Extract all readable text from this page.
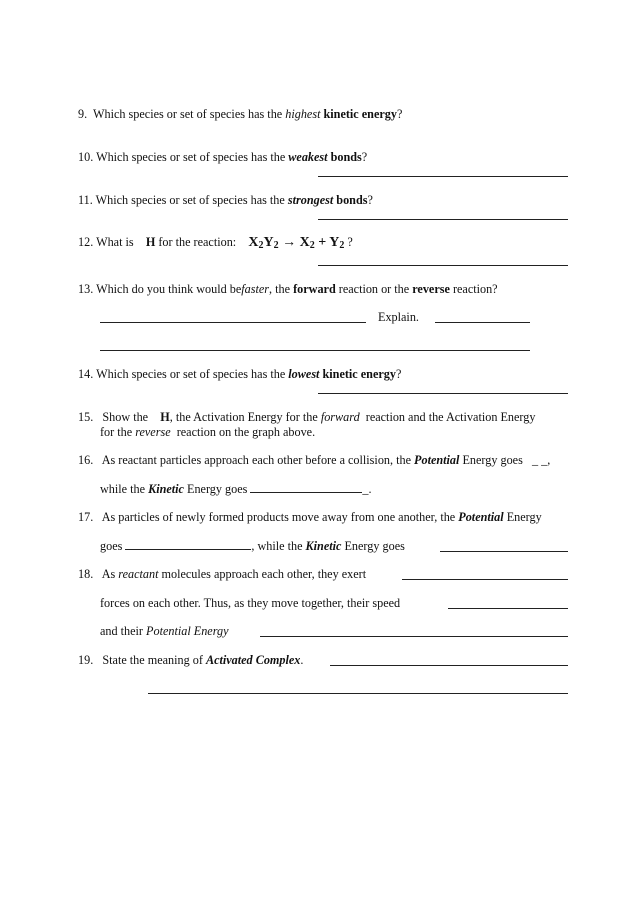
9. Which species or set of species has the highest kinetic energy?
10. Which species or set of species has the weakest bonds?
11. Which species or set of species has the strongest bonds?
12. What is H for the reaction: $X_2Y_2 \to X_2 + Y_2$ ?
13. Which do you think would befaster, the forward reaction or the reverse reaction?
Explain.
14. Which species or set of species has the lowest kinetic energy?
15. Show the H, the Activation Energy for the forward reaction and the Activation Energy
for the reverse reaction on the graph above.
16. As reactant particles approach each other before a collision, the Potential Energy goes _ _,
while the Kinetic Energy goes	_.
17. As particles of newly formed products move away from one another, the Potential Energy
goes	, while the Kinetic Energy goes
18. As reactant molecules approach each other, they exert
forces on each other. Thus, as they move together, their speed
and their Potential Energy
19. State the meaning of Activated Complex.
